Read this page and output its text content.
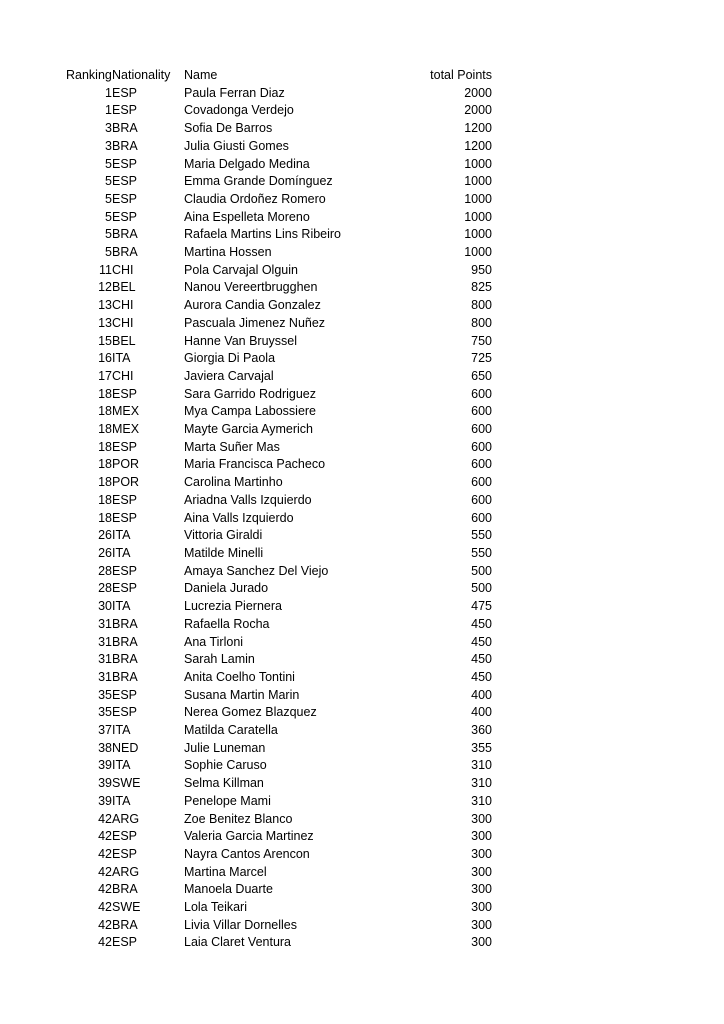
Ranking	Nationality	Name	total Points
1	ESP	Paula Ferran Diaz	2000
1	ESP	Covadonga Verdejo	2000
3	BRA	Sofia De Barros	1200
3	BRA	Julia Giusti Gomes	1200
5	ESP	Maria Delgado Medina	1000
5	ESP	Emma Grande Domínguez	1000
5	ESP	Claudia Ordoñez Romero	1000
5	ESP	Aina Espelleta Moreno	1000
5	BRA	Rafaela Martins Lins Ribeiro	1000
5	BRA	Martina Hossen	1000
11	CHI	Pola Carvajal Olguin	950
12	BEL	Nanou Vereertbrugghen	825
13	CHI	Aurora Candia Gonzalez	800
13	CHI	Pascuala Jimenez Nuñez	800
15	BEL	Hanne Van Bruyssel	750
16	ITA	Giorgia Di Paola	725
17	CHI	Javiera Carvajal	650
18	ESP	Sara Garrido Rodriguez	600
18	MEX	Mya Campa Labossiere	600
18	MEX	Mayte Garcia Aymerich	600
18	ESP	Marta Suñer Mas	600
18	POR	Maria Francisca Pacheco	600
18	POR	Carolina Martinho	600
18	ESP	Ariadna Valls Izquierdo	600
18	ESP	Aina Valls Izquierdo	600
26	ITA	Vittoria Giraldi	550
26	ITA	Matilde Minelli	550
28	ESP	Amaya Sanchez Del Viejo	500
28	ESP	Daniela Jurado	500
30	ITA	Lucrezia Piernera	475
31	BRA	Rafaella Rocha	450
31	BRA	Ana Tirloni	450
31	BRA	Sarah Lamin	450
31	BRA	Anita Coelho Tontini	450
35	ESP	Susana Martin Marin	400
35	ESP	Nerea Gomez Blazquez	400
37	ITA	Matilda Caratella	360
38	NED	Julie Luneman	355
39	ITA	Sophie Caruso	310
39	SWE	Selma Killman	310
39	ITA	Penelope Mami	310
42	ARG	Zoe Benitez Blanco	300
42	ESP	Valeria Garcia Martinez	300
42	ESP	Nayra Cantos Arencon	300
42	ARG	Martina Marcel	300
42	BRA	Manoela Duarte	300
42	SWE	Lola Teikari	300
42	BRA	Livia Villar Dornelles	300
42	ESP	Laia Claret Ventura	300
